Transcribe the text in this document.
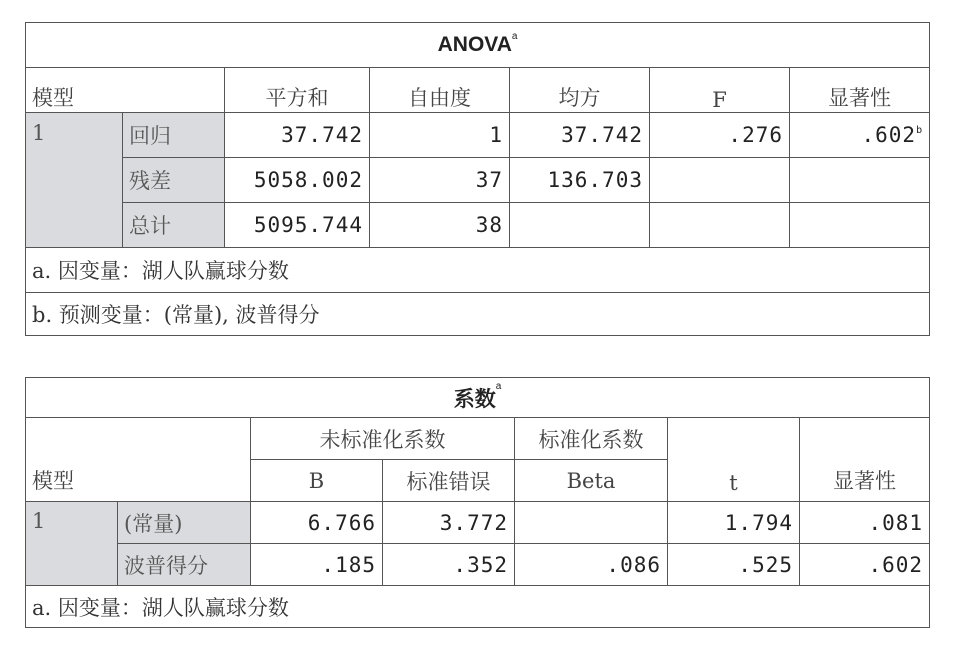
ANOVA$^a$
模型		平方和	自由度	均方	F	显著性
1	回归	37.742	1	37.742	.276	.602$^b$
	残差	5058.002	37	136.703		
	总计	5095.744	38			
a. 因变量：湖人队赢球分数						
b. 预测变量：(常量), 波普得分						
系数$^a$
模型		未标准化系数		标准化系数	t	显著性
		B	标准错误	Beta		
1	(常量)	6.766	3.772		1.794	.081
	波普得分	.185	.352	.086	.525	.602
a. 因变量：湖人队赢球分数						
